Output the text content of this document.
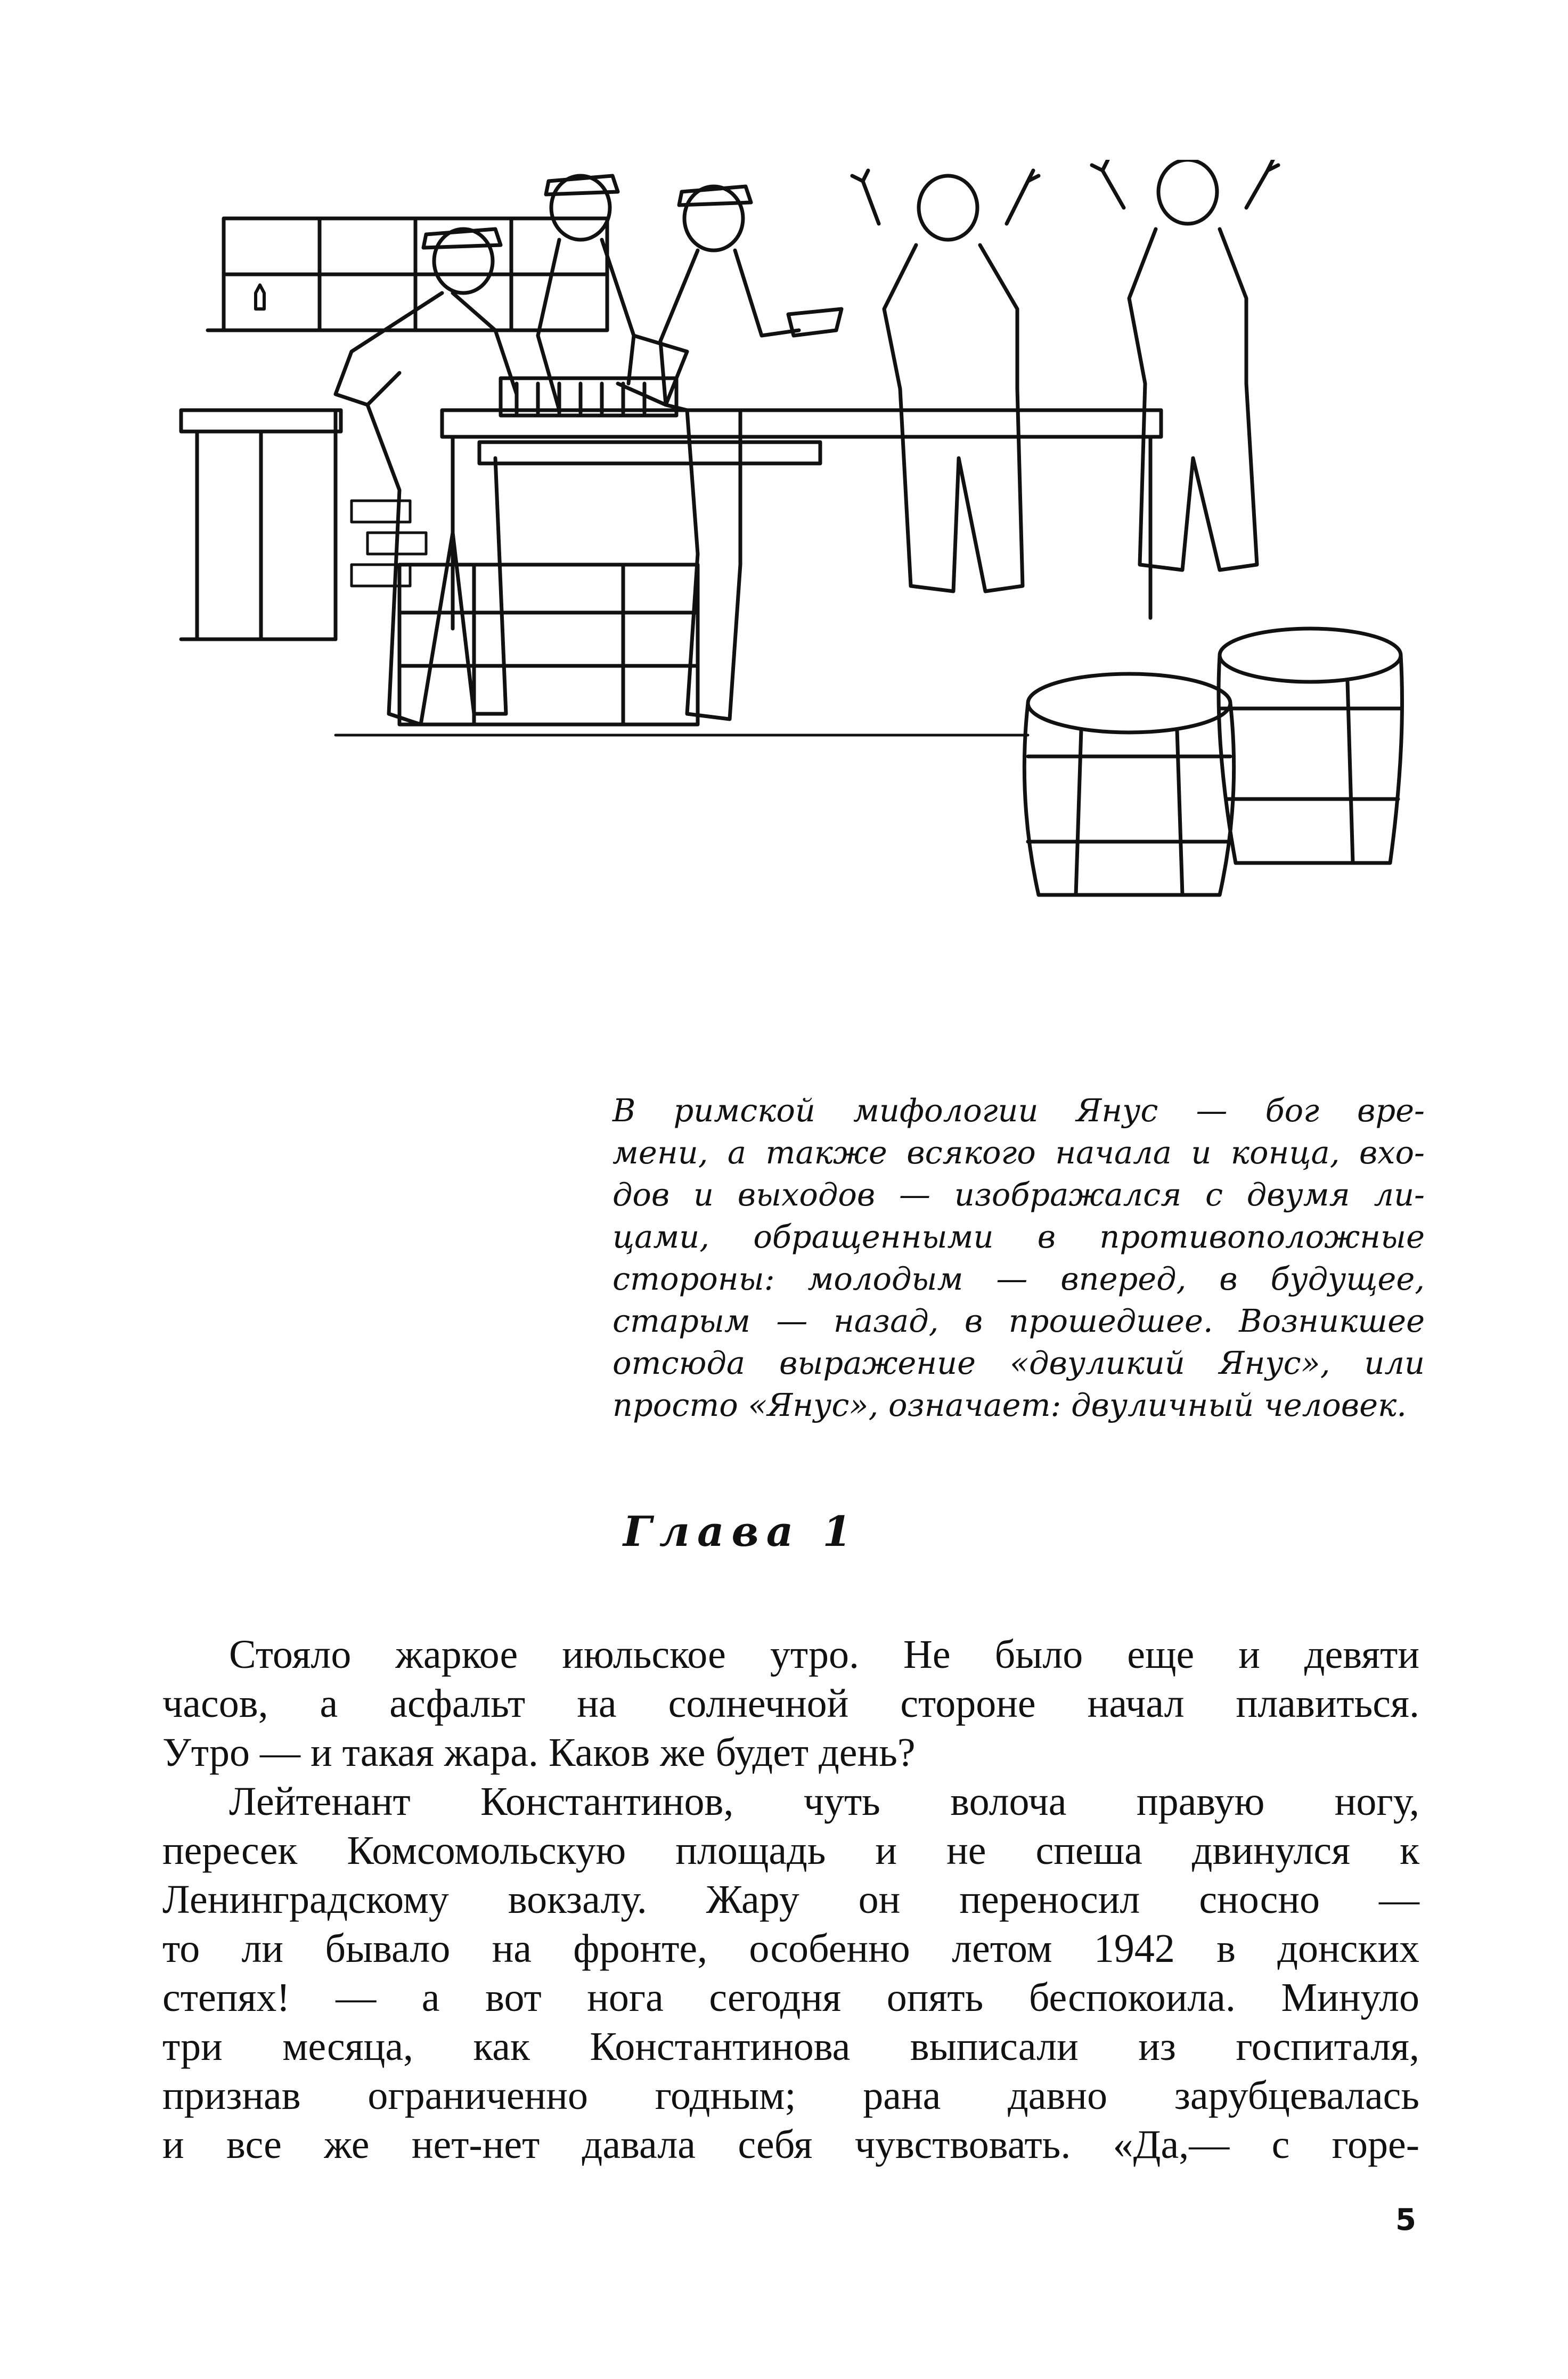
В римской мифологии Янус — бог вре-
мени, а также всякого начала и конца, вхо-
дов и выходов — изображался с двумя ли-
цами, обращенными в противоположные
стороны: молодым — вперед, в будущее,
старым — назад, в прошедшее. Возникшее
отсюда выражение «двуликий Янус», или
просто «Янус», означает: двуличный человек.
Глава 1
Стояло жаркое июльское утро. Не было еще и девяти
часов, а асфальт на солнечной стороне начал плавиться.
Утро — и такая жара. Каков же будет день?
Лейтенант Константинов, чуть волоча правую ногу,
пересек Комсомольскую площадь и не спеша двинулся к
Ленинградскому вокзалу. Жару он переносил сносно —
то ли бывало на фронте, особенно летом 1942 в донских
степях! — а вот нога сегодня опять беспокоила. Минуло
три месяца, как Константинова выписали из госпиталя,
признав ограниченно годным; рана давно зарубцевалась
и все же нет-нет давала себя чувствовать. «Да,— с горе-
5
